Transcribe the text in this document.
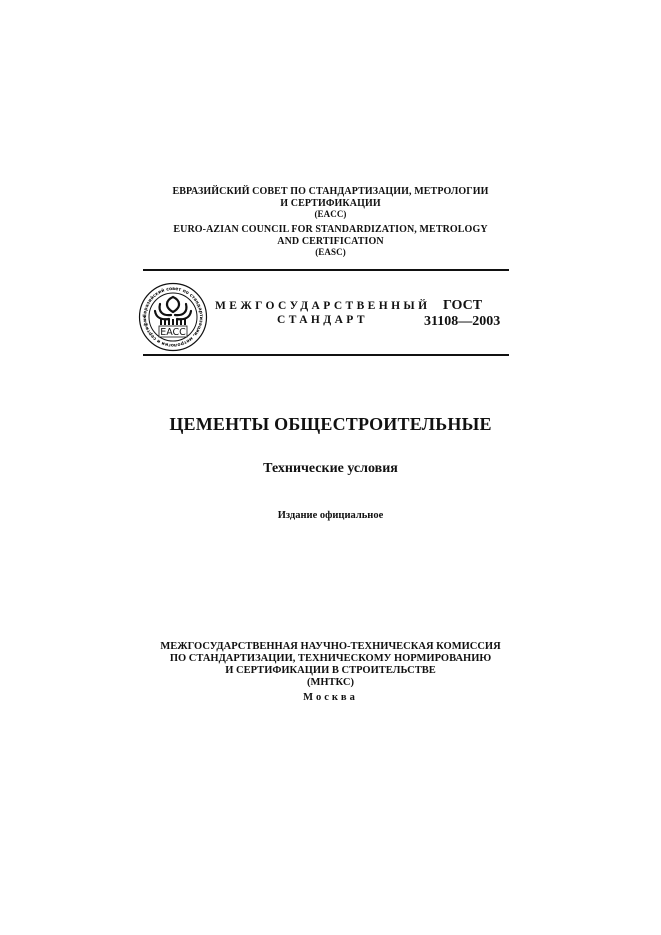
ЕВРАЗИЙСКИЙ СОВЕТ ПО СТАНДАРТИЗАЦИИ, МЕТРОЛОГИИ
И СЕРТИФИКАЦИИ
(EACC)
EURO-AZIAN COUNCIL FOR STANDARDIZATION, METROLOGY
AND CERTIFICATION
(EASC)
Евразийский совет по стандартизации, метрологии и сертифик
EACC
МЕЖГОСУДАРСТВЕННЫЙ
СТАНДАРТ
ГОСТ
31108—2003
ЦЕМЕНТЫ ОБЩЕСТРОИТЕЛЬНЫЕ
Технические условия
Издание официальное
МЕЖГОСУДАРСТВЕННАЯ НАУЧНО-ТЕХНИЧЕСКАЯ КОМИССИЯ
ПО СТАНДАРТИЗАЦИИ, ТЕХНИЧЕСКОМУ НОРМИРОВАНИЮ
И СЕРТИФИКАЦИИ В СТРОИТЕЛЬСТВЕ
(МНТКС)
Москва
